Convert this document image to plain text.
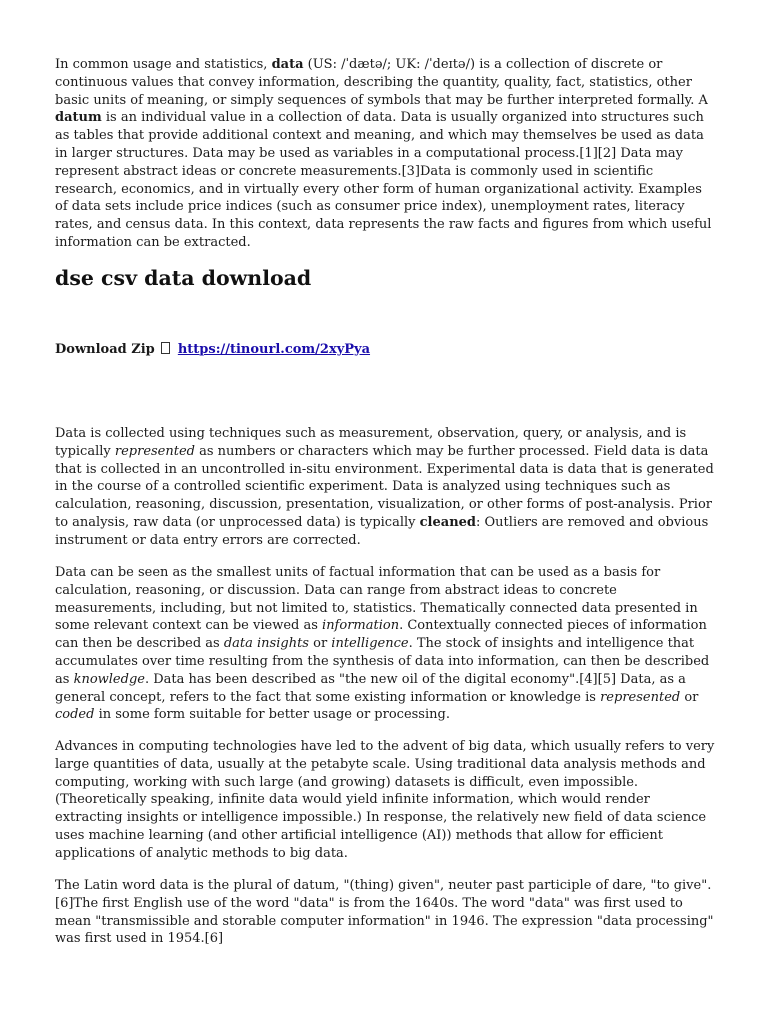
In common usage and statistics, data (US: /ˈdætə/; UK: /ˈdeɪtə/) is a collection of discrete or continuous values that convey information, describing the quantity, quality, fact, statistics, other basic units of meaning, or simply sequences of symbols that may be further interpreted formally. A datum is an individual value in a collection of data. Data is usually organized into structures such as tables that provide additional context and meaning, and which may themselves be used as data in larger structures. Data may be used as variables in a computational process.[1][2] Data may represent abstract ideas or concrete measurements.[3]Data is commonly used in scientific research, economics, and in virtually every other form of human organizational activity. Examples of data sets include price indices (such as consumer price index), unemployment rates, literacy rates, and census data. In this context, data represents the raw facts and figures from which useful information can be extracted.

dse csv data download

Download Zip https://tinourl.com/2xyPya

Data is collected using techniques such as measurement, observation, query, or analysis, and is typically represented as numbers or characters which may be further processed. Field data is data that is collected in an uncontrolled in-situ environment. Experimental data is data that is generated in the course of a controlled scientific experiment. Data is analyzed using techniques such as calculation, reasoning, discussion, presentation, visualization, or other forms of post-analysis. Prior to analysis, raw data (or unprocessed data) is typically cleaned: Outliers are removed and obvious instrument or data entry errors are corrected.

Data can be seen as the smallest units of factual information that can be used as a basis for calculation, reasoning, or discussion. Data can range from abstract ideas to concrete measurements, including, but not limited to, statistics. Thematically connected data presented in some relevant context can be viewed as information. Contextually connected pieces of information can then be described as data insights or intelligence. The stock of insights and intelligence that accumulates over time resulting from the synthesis of data into information, can then be described as knowledge. Data has been described as "the new oil of the digital economy".[4][5] Data, as a general concept, refers to the fact that some existing information or knowledge is represented or coded in some form suitable for better usage or processing.

Advances in computing technologies have led to the advent of big data, which usually refers to very large quantities of data, usually at the petabyte scale. Using traditional data analysis methods and computing, working with such large (and growing) datasets is difficult, even impossible. (Theoretically speaking, infinite data would yield infinite information, which would render extracting insights or intelligence impossible.) In response, the relatively new field of data science uses machine learning (and other artificial intelligence (AI)) methods that allow for efficient applications of analytic methods to big data.

The Latin word data is the plural of datum, "(thing) given", neuter past participle of dare, "to give".[6]The first English use of the word "data" is from the 1640s. The word "data" was first used to mean "transmissible and storable computer information" in 1946. The expression "data processing" was first used in 1954.[6]
